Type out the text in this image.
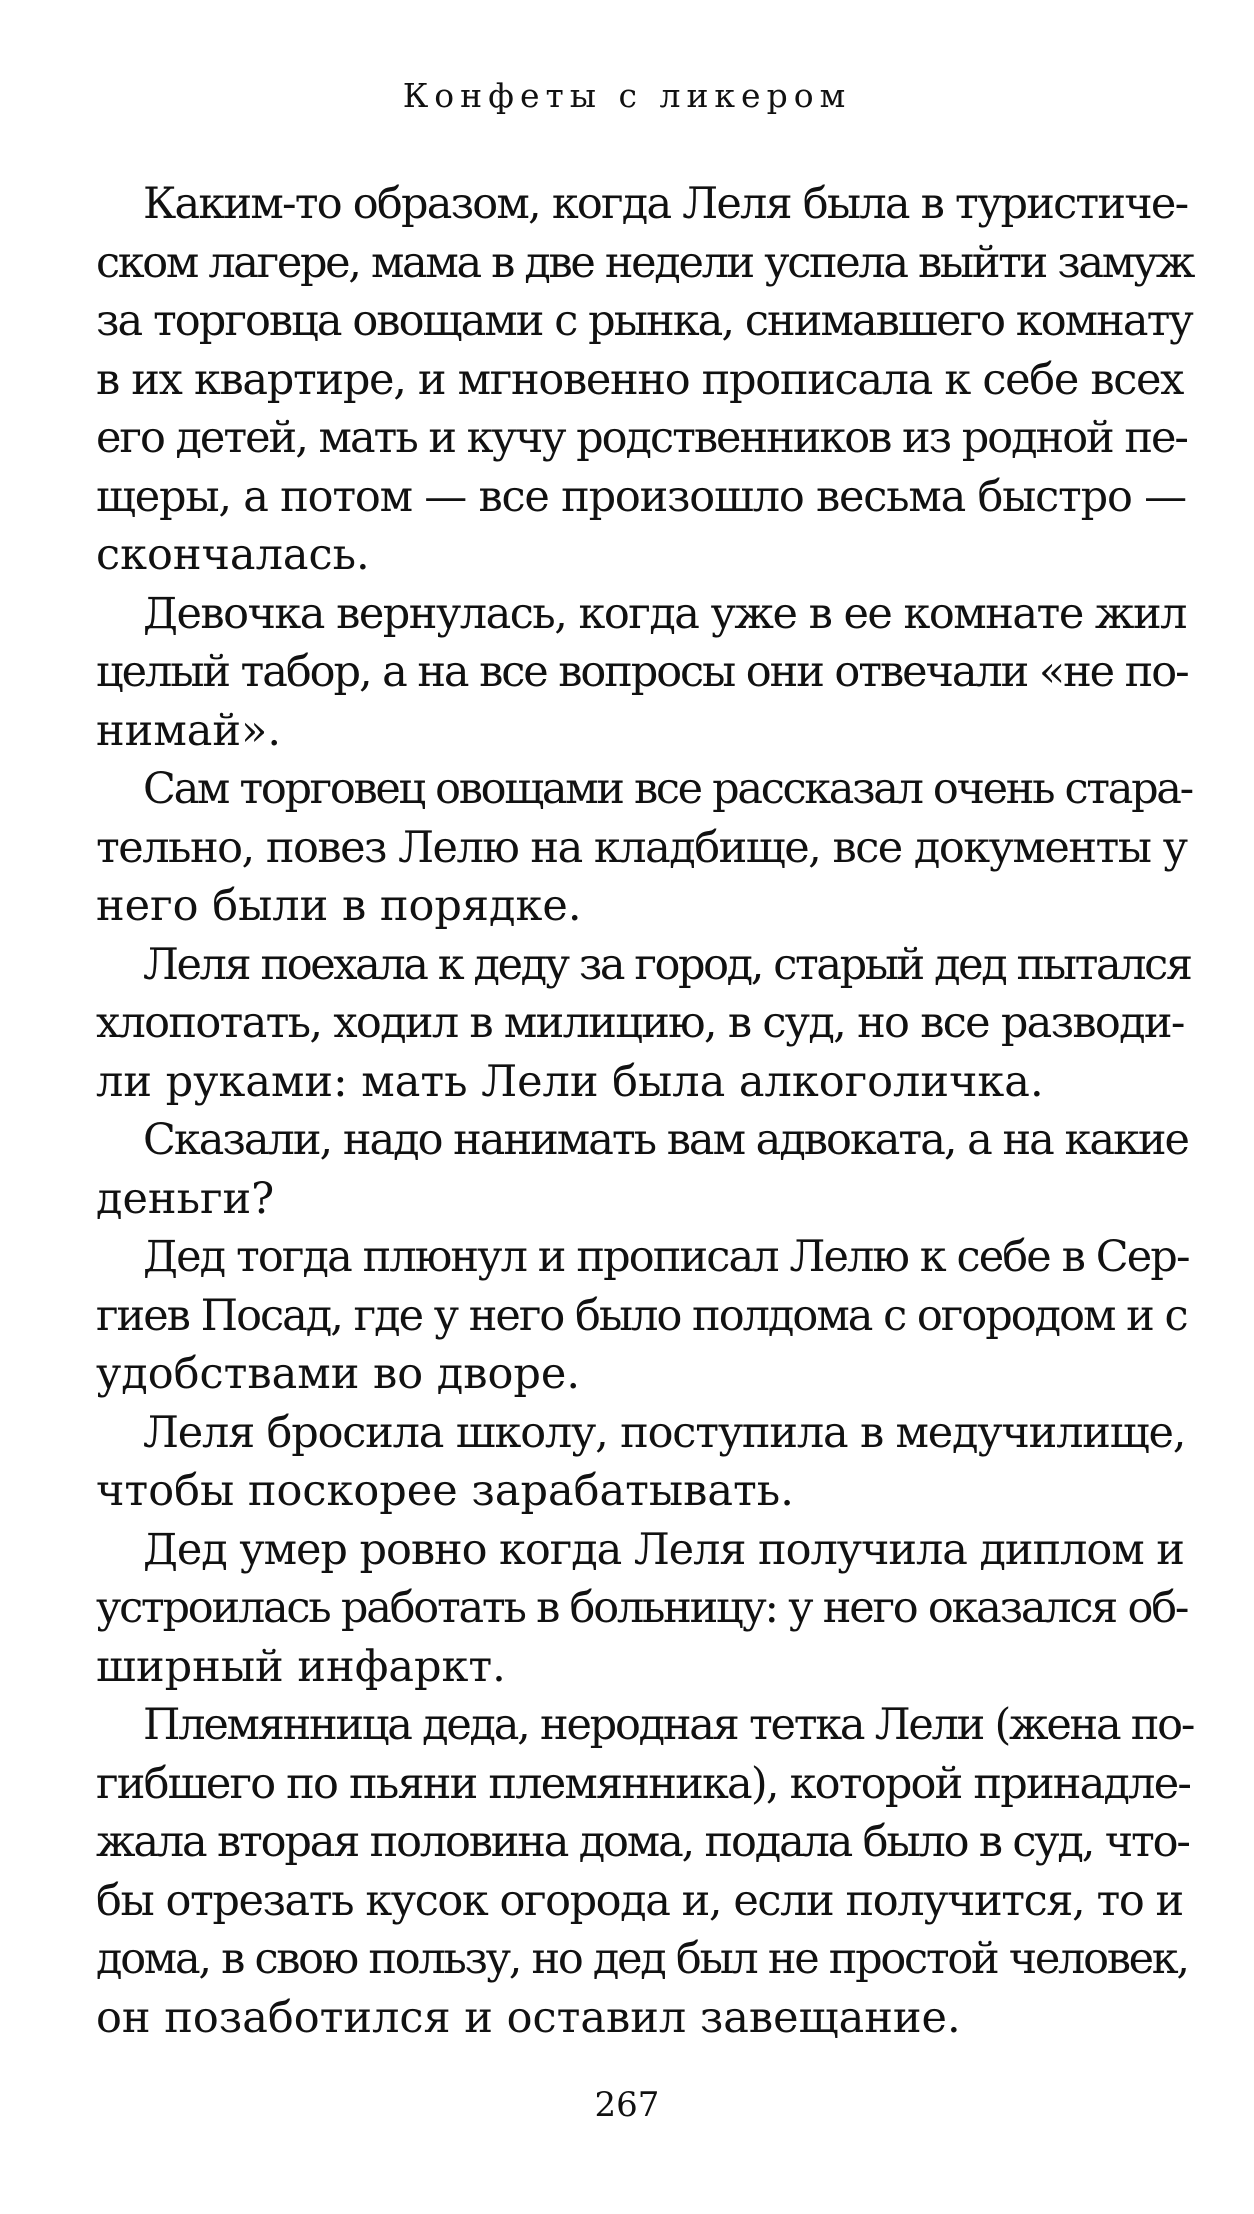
Конфеты с ликером

Каким-то образом, когда Леля была в туристиче-
ском лагере, мама в две недели успела выйти замуж
за торговца овощами с рынка, снимавшего комнату
в их квартире, и мгновенно прописала к себе всех
его детей, мать и кучу родственников из родной пе-
щеры, а потом — все произошло весьма быстро —
скончалась.

Девочка вернулась, когда уже в ее комнате жил
целый табор, а на все вопросы они отвечали «не по-
нимай».

Сам торговец овощами все рассказал очень стара-
тельно, повез Лелю на кладбище, все документы у
него были в порядке.

Леля поехала к деду за город, старый дед пытался
хлопотать, ходил в милицию, в суд, но все разводи-
ли руками: мать Лели была алкоголичка.

Сказали, надо нанимать вам адвоката, а на какие
деньги?

Дед тогда плюнул и прописал Лелю к себе в Сер-
гиев Посад, где у него было полдома с огородом и с
удобствами во дворе.

Леля бросила школу, поступила в медучилище,
чтобы поскорее зарабатывать.

Дед умер ровно когда Леля получила диплом и
устроилась работать в больницу: у него оказался об-
ширный инфаркт.

Племянница деда, неродная тетка Лели (жена по-
гибшего по пьяни племянника), которой принадле-
жала вторая половина дома, подала было в суд, что-
бы отрезать кусок огорода и, если получится, то и
дома, в свою пользу, но дед был не простой человек,
он позаботился и оставил завещание.

267
